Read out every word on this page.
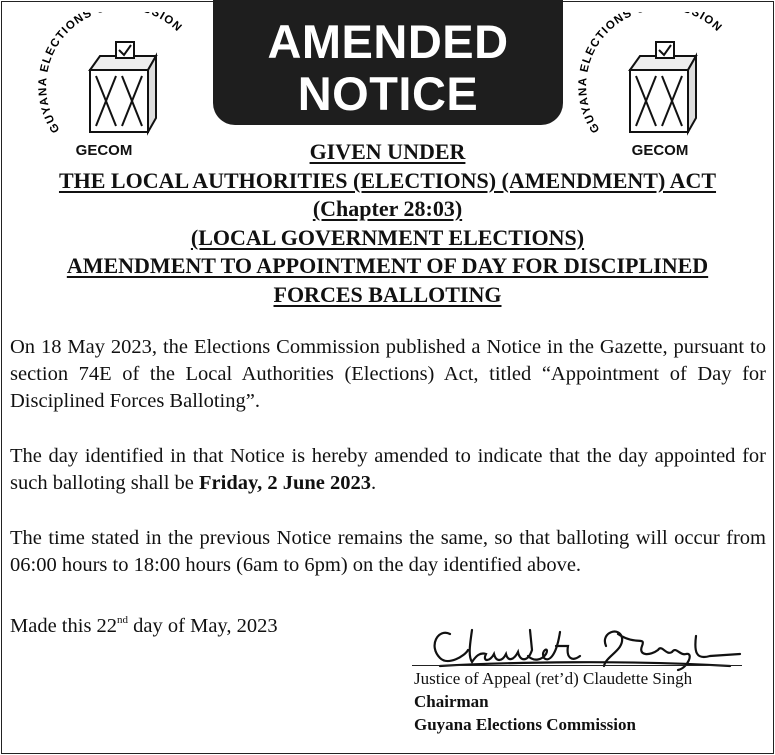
GUYANA ELECTIONS SION
GECOM
AMENDED
NOTICE
GUYANA ELECTIONS SION
GECOM
GIVEN UNDER
THE LOCAL AUTHORITIES (ELECTIONS) (AMENDMENT) ACT
(Chapter 28:03)
(LOCAL GOVERNMENT ELECTIONS)
AMENDMENT TO APPOINTMENT OF DAY FOR DISCIPLINED
FORCES BALLOTING

On 18 May 2023, the Elections Commission published a Notice in the Gazette, pursuant to section 74E of the Local Authorities (Elections) Act, titled “Appointment of Day for Disciplined Forces Balloting”.

The day identified in that Notice is hereby amended to indicate that the day appointed for such balloting shall be Friday, 2 June 2023.

The time stated in the previous Notice remains the same, so that balloting will occur from 06:00 hours to 18:00 hours (6am to 6pm) on the day identified above.

Made this 22nd day of May, 2023

Justice of Appeal (ret’d) Claudette Singh
Chairman
Guyana Elections Commission
